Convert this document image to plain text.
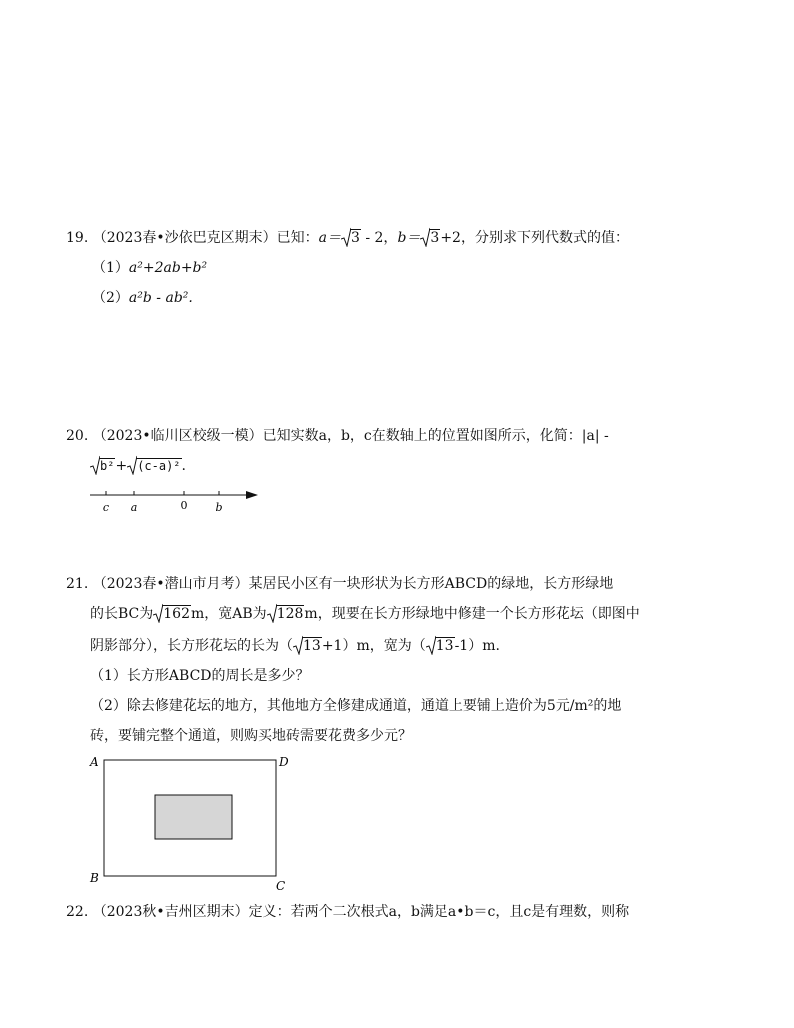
19. （2023春•沙依巴克区期末）已知：a＝ 3 - 2，b＝ 3+2，分别求下列代数式的值：
（1）a²+2ab+b²
（2）a²b - ab².
20. （2023•临川区校级一模）已知实数a，b，c在数轴上的位置如图所示，化简：|a| -
b²+ (c-a)².
c a	0	b
21. （2023春•潜山市月考）某居民小区有一块形状为长方形ABCD的绿地，长方形绿地
的长BC为 162m，宽AB为 128m，现要在长方形绿地中修建一个长方形花坛（即图中
阴影部分），长方形花坛的长为（ 13+1）m，宽为（ 13-1）m.
（1）长方形ABCD的周长是多少？
（2）除去修建花坛的地方，其他地方全修建成通道，通道上要铺上造价为5元/m²的地
砖，要铺完整个通道，则购买地砖需要花费多少元？
A	D
B
C
22. （2023秋•吉州区期末）定义：若两个二次根式a，b满足a•b＝c，且c是有理数，则称
